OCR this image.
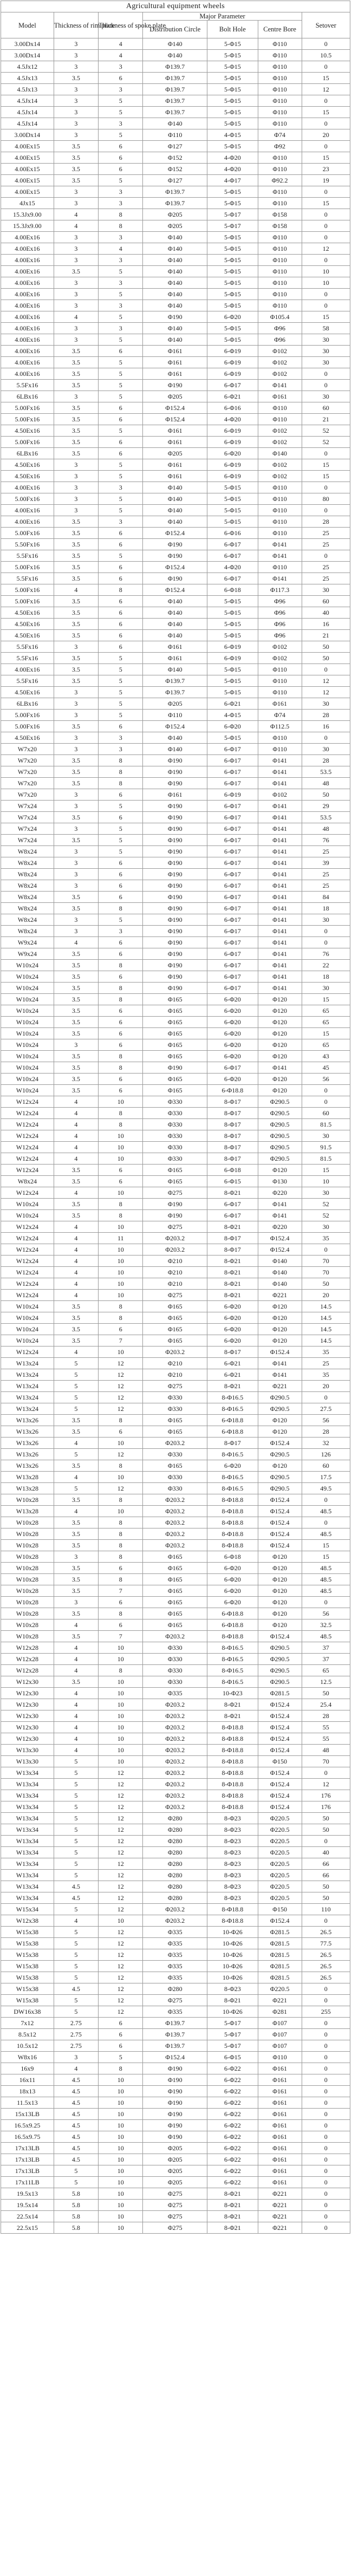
Agricultural equipment wheels						
Model	Thickness of rim plate	Thickness of spoke plate	Major Parameter			Setover
			Distribution Circle	Bolt Hole	Centre Bore	
3.00Dx14	3	4	Φ140	5-Φ15	Φ110	0
3.00Dx14	3	4	Φ140	5-Φ15	Φ110	10.5
4.5Jx12	3	3	Φ139.7	5-Φ15	Φ110	0
4.5Jx13	3.5	6	Φ139.7	5-Φ15	Φ110	15
4.5Jx13	3	3	Φ139.7	5-Φ15	Φ110	12
4.5Jx14	3	5	Φ139.7	5-Φ15	Φ110	0
4.5Jx14	3	5	Φ139.7	5-Φ15	Φ110	15
4.5Jx14	3	3	Φ140	5-Φ15	Φ110	0
3.00Dx14	3	5	Φ110	4-Φ15	Φ74	20
4.00Ex15	3.5	6	Φ127	5-Φ15	Φ92	0
4.00Ex15	3.5	6	Φ152	4-Φ20	Φ110	15
4.00Ex15	3.5	6	Φ152	4-Φ20	Φ110	23
4.00Ex15	3.5	5	Φ127	4-Φ17	Φ92.2	19
4.00Ex15	3	3	Φ139.7	5-Φ15	Φ110	0
4Jx15	3	3	Φ139.7	5-Φ15	Φ110	15
15.3Jx9.00	4	8	Φ205	5-Φ17	Φ158	0
15.3Jx9.00	4	8	Φ205	5-Φ17	Φ158	0
4.00Ex16	3	3	Φ140	5-Φ15	Φ110	0
4.00Ex16	3	4	Φ140	5-Φ15	Φ110	12
4.00Ex16	3	3	Φ140	5-Φ15	Φ110	0
4.00Ex16	3.5	5	Φ140	5-Φ15	Φ110	10
4.00Ex16	3	3	Φ140	5-Φ15	Φ110	10
4.00Ex16	3	5	Φ140	5-Φ15	Φ110	0
4.00Ex16	3	3	Φ140	5-Φ15	Φ110	0
4.00Ex16	4	5	Φ190	6-Φ20	Φ105.4	15
4.00Ex16	3	3	Φ140	5-Φ15	Φ96	58
4.00Ex16	3	5	Φ140	5-Φ15	Φ96	30
4.00Ex16	3.5	6	Φ161	6-Φ19	Φ102	30
4.00Ex16	3.5	5	Φ161	6-Φ19	Φ102	30
4.00Ex16	3.5	5	Φ161	6-Φ19	Φ102	0
5.5Fx16	3.5	5	Φ190	6-Φ17	Φ141	0
6LBx16	3	5	Φ205	6-Φ21	Φ161	30
5.00Fx16	3.5	6	Φ152.4	6-Φ16	Φ110	60
5.00Fx16	3.5	6	Φ152.4	4-Φ20	Φ110	21
4.50Ex16	3.5	5	Φ161	6-Φ19	Φ102	52
5.00Fx16	3.5	6	Φ161	6-Φ19	Φ102	52
6LBx16	3.5	6	Φ205	6-Φ20	Φ140	0
4.50Ex16	3	5	Φ161	6-Φ19	Φ102	15
4.50Ex16	3	5	Φ161	6-Φ19	Φ102	15
4.00Ex16	3	3	Φ140	5-Φ15	Φ110	0
5.00Fx16	3	5	Φ140	5-Φ15	Φ110	80
4.00Ex16	3	5	Φ140	5-Φ15	Φ110	0
4.00Ex16	3.5	3	Φ140	5-Φ15	Φ110	28
5.00Fx16	3.5	6	Φ152.4	6-Φ16	Φ110	25
5.50Fx16	3.5	6	Φ190	6-Φ17	Φ141	25
5.5Fx16	3.5	5	Φ190	6-Φ17	Φ141	0
5.00Fx16	3.5	6	Φ152.4	4-Φ20	Φ110	25
5.5Fx16	3.5	6	Φ190	6-Φ17	Φ141	25
5.00Fx16	4	8	Φ152.4	6-Φ18	Φ117.3	30
5.00Fx16	3.5	6	Φ140	5-Φ15	Φ96	60
4.50Ex16	3.5	6	Φ140	5-Φ15	Φ96	40
4.50Ex16	3.5	6	Φ140	5-Φ15	Φ96	16
4.50Ex16	3.5	6	Φ140	5-Φ15	Φ96	21
5.5Fx16	3	6	Φ161	6-Φ19	Φ102	50
5.5Fx16	3.5	5	Φ161	6-Φ19	Φ102	50
4.00Ex16	3.5	5	Φ140	5-Φ15	Φ110	0
5.5Fx16	3.5	5	Φ139.7	5-Φ15	Φ110	12
4.50Ex16	3	5	Φ139.7	5-Φ15	Φ110	12
6LBx16	3	5	Φ205	6-Φ21	Φ161	30
5.00Fx16	3	5	Φ110	4-Φ15	Φ74	28
5.00Fx16	3.5	6	Φ152.4	6-Φ20	Φ112.5	16
4.50Ex16	3	3	Φ140	5-Φ15	Φ110	0
W7x20	3	3	Φ140	6-Φ17	Φ110	30
W7x20	3.5	8	Φ190	6-Φ17	Φ141	28
W7x20	3.5	8	Φ190	6-Φ17	Φ141	53.5
W7x20	3.5	8	Φ190	6-Φ17	Φ141	48
W7x20	3	6	Φ161	6-Φ19	Φ102	50
W7x24	3	5	Φ190	6-Φ17	Φ141	29
W7x24	3.5	6	Φ190	6-Φ17	Φ141	53.5
W7x24	3	5	Φ190	6-Φ17	Φ141	48
W7x24	3.5	5	Φ190	6-Φ17	Φ141	76
W8x24	3	5	Φ190	6-Φ17	Φ141	25
W8x24	3	6	Φ190	6-Φ17	Φ141	39
W8x24	3	6	Φ190	6-Φ17	Φ141	25
W8x24	3	6	Φ190	6-Φ17	Φ141	25
W8x24	3.5	6	Φ190	6-Φ17	Φ141	84
W8x24	3.5	8	Φ190	6-Φ17	Φ141	18
W8x24	3	5	Φ190	6-Φ17	Φ141	30
W8x24	3	3	Φ190	6-Φ17	Φ141	0
W9x24	4	6	Φ190	6-Φ17	Φ141	0
W9x24	3.5	6	Φ190	6-Φ17	Φ141	76
W10x24	3.5	8	Φ190	6-Φ17	Φ141	22
W10x24	3.5	6	Φ190	6-Φ17	Φ141	18
W10x24	3.5	8	Φ190	6-Φ17	Φ141	30
W10x24	3.5	8	Φ165	6-Φ20	Φ120	15
W10x24	3.5	6	Φ165	6-Φ20	Φ120	65
W10x24	3.5	6	Φ165	6-Φ20	Φ120	65
W10x24	3.5	6	Φ165	6-Φ20	Φ120	15
W10x24	3	6	Φ165	6-Φ20	Φ120	65
W10x24	3.5	8	Φ165	6-Φ20	Φ120	43
W10x24	3.5	8	Φ190	6-Φ17	Φ141	45
W10x24	3.5	6	Φ165	6-Φ20	Φ120	56
W10x24	3.5	6	Φ165	6-Φ18.8	Φ120	0
W12x24	4	10	Φ330	8-Φ17	Φ290.5	0
W12x24	4	8	Φ330	8-Φ17	Φ290.5	60
W12x24	4	8	Φ330	8-Φ17	Φ290.5	81.5
W12x24	4	10	Φ330	8-Φ17	Φ290.5	30
W12x24	4	10	Φ330	8-Φ17	Φ290.5	91.5
W12x24	4	10	Φ330	8-Φ17	Φ290.5	81.5
W12x24	3.5	6	Φ165	6-Φ18	Φ120	15
W8x24	3.5	6	Φ165	6-Φ15	Φ130	10
W12x24	4	10	Φ275	8-Φ21	Φ220	30
W10x24	3.5	8	Φ190	6-Φ17	Φ141	52
W10x24	3.5	8	Φ190	6-Φ17	Φ141	52
W12x24	4	10	Φ275	8-Φ21	Φ220	30
W12x24	4	11	Φ203.2	8-Φ17	Φ152.4	35
W12x24	4	10	Φ203.2	8-Φ17	Φ152.4	0
W12x24	4	10	Φ210	8-Φ21	Φ140	70
W12x24	4	10	Φ210	8-Φ21	Φ140	70
W12x24	4	10	Φ210	8-Φ21	Φ140	50
W12x24	4	10	Φ275	8-Φ21	Φ221	20
W10x24	3.5	8	Φ165	6-Φ20	Φ120	14.5
W10x24	3.5	8	Φ165	6-Φ20	Φ120	14.5
W10x24	3.5	6	Φ165	6-Φ20	Φ120	14.5
W10x24	3.5	7	Φ165	6-Φ20	Φ120	14.5
W12x24	4	10	Φ203.2	8-Φ17	Φ152.4	35
W13x24	5	12	Φ210	6-Φ21	Φ141	25
W13x24	5	12	Φ210	6-Φ21	Φ141	35
W13x24	5	12	Φ275	8-Φ21	Φ221	20
W13x24	5	12	Φ330	8-Φ16.5	Φ290.5	0
W13x24	5	12	Φ330	8-Φ16.5	Φ290.5	27.5
W13x26	3.5	8	Φ165	6-Φ18.8	Φ120	56
W13x26	3.5	6	Φ165	6-Φ18.8	Φ120	28
W13x26	4	10	Φ203.2	8-Φ17	Φ152.4	32
W13x26	5	12	Φ330	8-Φ16.5	Φ290.5	126
W13x26	3.5	8	Φ165	6-Φ20	Φ120	60
W13x28	4	10	Φ330	8-Φ16.5	Φ290.5	17.5
W13x28	5	12	Φ330	8-Φ16.5	Φ290.5	49.5
W10x28	3.5	8	Φ203.2	8-Φ18.8	Φ152.4	0
W13x28	4	10	Φ203.2	8-Φ18.8	Φ152.4	48.5
W10x28	3.5	8	Φ203.2	8-Φ18.8	Φ152.4	0
W10x28	3.5	8	Φ203.2	8-Φ18.8	Φ152.4	48.5
W10x28	3.5	8	Φ203.2	8-Φ18.8	Φ152.4	15
W10x28	3	8	Φ165	6-Φ18	Φ120	15
W10x28	3.5	6	Φ165	6-Φ20	Φ120	48.5
W10x28	3.5	8	Φ165	6-Φ20	Φ120	48.5
W10x28	3.5	7	Φ165	6-Φ20	Φ120	48.5
W10x28	3	6	Φ165	6-Φ20	Φ120	0
W10x28	3.5	8	Φ165	6-Φ18.8	Φ120	56
W10x28	4	6	Φ165	6-Φ18.8	Φ120	32.5
W10x28	3.5	7	Φ203.2	8-Φ18.8	Φ152.4	48.5
W12x28	4	10	Φ330	8-Φ16.5	Φ290.5	37
W12x28	4	10	Φ330	8-Φ16.5	Φ290.5	37
W12x28	4	8	Φ330	8-Φ16.5	Φ290.5	65
W12x30	3.5	10	Φ330	8-Φ16.5	Φ290.5	12.5
W12x30	4	10	Φ335	10-Φ23	Φ281.5	50
W12x30	4	10	Φ203.2	8-Φ21	Φ152.4	25.4
W12x30	4	10	Φ203.2	8-Φ21	Φ152.4	28
W12x30	4	10	Φ203.2	8-Φ18.8	Φ152.4	55
W12x30	4	10	Φ203.2	8-Φ18.8	Φ152.4	55
W13x30	4	10	Φ203.2	8-Φ18.8	Φ152.4	48
W13x30	5	10	Φ203.2	8-Φ18.8	Φ150	70
W13x34	5	12	Φ203.2	8-Φ18.8	Φ152.4	0
W13x34	5	12	Φ203.2	8-Φ18.8	Φ152.4	12
W13x34	5	12	Φ203.2	8-Φ18.8	Φ152.4	176
W13x34	5	12	Φ203.2	8-Φ18.8	Φ152.4	176
W13x34	5	12	Φ280	8-Φ23	Φ220.5	50
W13x34	5	12	Φ280	8-Φ23	Φ220.5	50
W13x34	5	12	Φ280	8-Φ23	Φ220.5	0
W13x34	5	12	Φ280	8-Φ23	Φ220.5	40
W13x34	5	12	Φ280	8-Φ23	Φ220.5	66
W13x34	5	12	Φ280	8-Φ23	Φ220.5	66
W13x34	4.5	12	Φ280	8-Φ23	Φ220.5	50
W13x34	4.5	12	Φ280	8-Φ23	Φ220.5	50
W15x34	5	12	Φ203.2	8-Φ18.8	Φ150	110
W12x38	4	10	Φ203.2	8-Φ18.8	Φ152.4	0
W15x38	5	12	Φ335	10-Φ26	Φ281.5	26.5
W15x38	5	12	Φ335	10-Φ26	Φ281.5	77.5
W15x38	5	12	Φ335	10-Φ26	Φ281.5	26.5
W15x38	5	12	Φ335	10-Φ26	Φ281.5	26.5
W15x38	5	12	Φ335	10-Φ26	Φ281.5	26.5
W15x38	4.5	12	Φ280	8-Φ23	Φ220.5	0
W15x38	5	12	Φ275	8-Φ21	Φ221	0
DW16x38	5	12	Φ335	10-Φ26	Φ281	255
7x12	2.75	6	Φ139.7	5-Φ17	Φ107	0
8.5x12	2.75	6	Φ139.7	5-Φ17	Φ107	0
10.5x12	2.75	6	Φ139.7	5-Φ17	Φ107	0
W8x16	3	5	Φ152.4	6-Φ15	Φ110	0
16x9	4	8	Φ190	6-Φ22	Φ161	0
16x11	4.5	10	Φ190	6-Φ22	Φ161	0
18x13	4.5	10	Φ190	6-Φ22	Φ161	0
11.5x13	4.5	10	Φ190	6-Φ22	Φ161	0
15x13LB	4.5	10	Φ190	6-Φ22	Φ161	0
16.5x9.25	4.5	10	Φ190	6-Φ22	Φ161	0
16.5x9.75	4.5	10	Φ190	6-Φ22	Φ161	0
17x13LB	4.5	10	Φ205	6-Φ22	Φ161	0
17x13LB	4.5	10	Φ205	6-Φ22	Φ161	0
17x13LB	5	10	Φ205	6-Φ22	Φ161	0
17x11LB	5	10	Φ205	6-Φ22	Φ161	0
19.5x13	5.8	10	Φ275	8-Φ21	Φ221	0
19.5x14	5.8	10	Φ275	8-Φ21	Φ221	0
22.5x14	5.8	10	Φ275	8-Φ21	Φ221	0
22.5x15	5.8	10	Φ275	8-Φ21	Φ221	0
